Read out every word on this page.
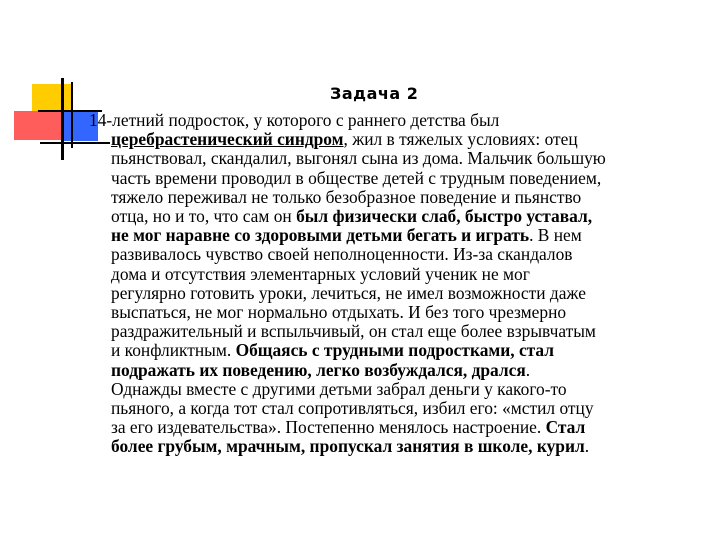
Задача 2
14-летний подросток, у которого с раннего детства был
церебрастенический синдром, жил в тяжелых условиях: отец
пьянствовал, скандалил, выгонял сына из дома. Мальчик большую
часть времени проводил в обществе детей с трудным поведением,
тяжело переживал не только безобразное поведение и пьянство
отца, но и то, что сам он был физически слаб, быстро уставал,
не мог наравне со здоровыми детьми бегать и играть. В нем
развивалось чувство своей неполноценности. Из-за скандалов
дома и отсутствия элементарных условий ученик не мог
регулярно готовить уроки, лечиться, не имел возможности даже
выспаться, не мог нормально отдыхать. И без того чрезмерно
раздражительный и вспыльчивый, он стал еще более взрывчатым
и конфликтным. Общаясь с трудными подростками, стал
подражать их поведению, легко возбуждался, дрался.
Однажды вместе с другими детьми забрал деньги у какого-то
пьяного, а когда тот стал сопротивляться, избил его: «мстил отцу
за его издевательства». Постепенно менялось настроение. Стал
более грубым, мрачным, пропускал занятия в школе, курил.
